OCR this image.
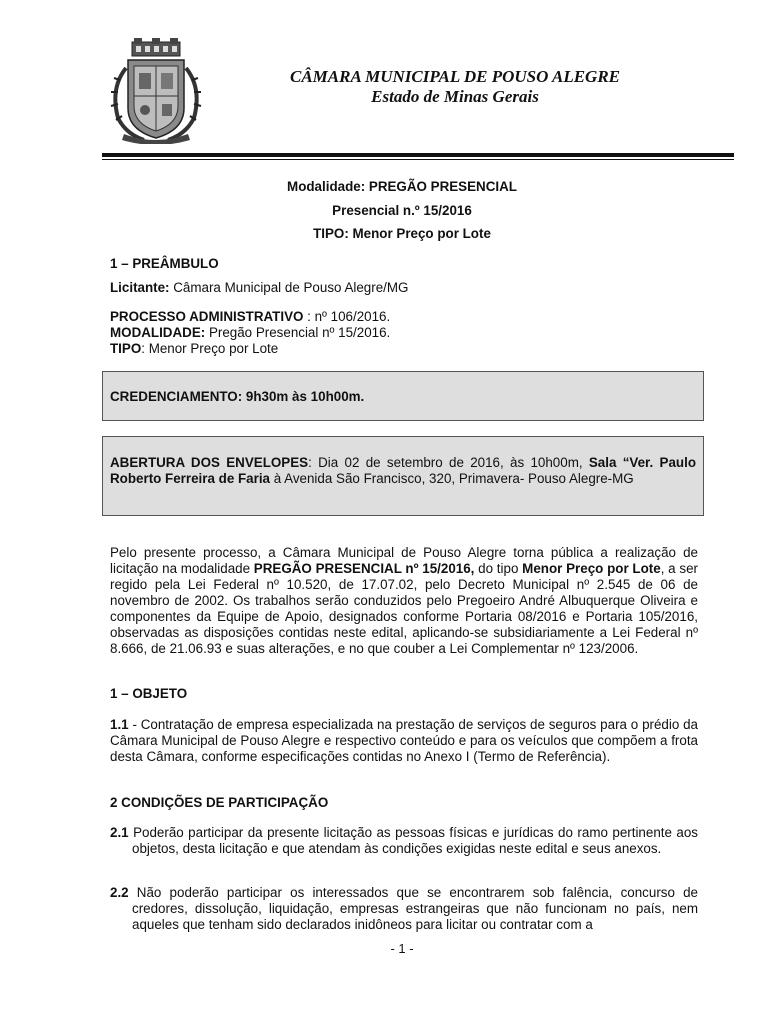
CÂMARA MUNICIPAL DE POUSO ALEGRE
Estado de Minas Gerais
Modalidade: PREGÃO PRESENCIAL
Presencial n.º 15/2016
TIPO: Menor Preço por Lote
1 – PREÂMBULO
Licitante: Câmara Municipal de Pouso Alegre/MG
PROCESSO ADMINISTRATIVO : nº 106/2016.
MODALIDADE: Pregão Presencial nº 15/2016.
TIPO: Menor Preço por Lote
CREDENCIAMENTO: 9h30m às 10h00m.
ABERTURA DOS ENVELOPES: Dia 02 de setembro de 2016, às 10h00m, Sala “Ver. Paulo Roberto Ferreira de Faria à Avenida São Francisco, 320, Primavera- Pouso Alegre-MG

Pelo presente processo, a Câmara Municipal de Pouso Alegre torna pública a realização de licitação na modalidade PREGÃO PRESENCIAL nº 15/2016, do tipo Menor Preço por Lote, a ser regido pela Lei Federal nº 10.520, de 17.07.02, pelo Decreto Municipal nº 2.545 de 06 de novembro de 2002. Os trabalhos serão conduzidos pelo Pregoeiro André Albuquerque Oliveira e componentes da Equipe de Apoio, designados conforme Portaria 08/2016 e Portaria 105/2016, observadas as disposições contidas neste edital, aplicando-se subsidiariamente a Lei Federal nº 8.666, de 21.06.93 e suas alterações, e no que couber a Lei Complementar nº 123/2006.

1 – OBJETO

1.1 - Contratação de empresa especializada na prestação de serviços de seguros para o prédio da Câmara Municipal de Pouso Alegre e respectivo conteúdo e para os veículos que compõem a frota desta Câmara, conforme especificações contidas no Anexo I (Termo de Referência).

2 CONDIÇÕES DE PARTICIPAÇÃO

2.1 Poderão participar da presente licitação as pessoas físicas e jurídicas do ramo pertinente aos objetos, desta licitação e que atendam às condições exigidas neste edital e seus anexos.

2.2 Não poderão participar os interessados que se encontrarem sob falência, concurso de credores, dissolução, liquidação, empresas estrangeiras que não funcionam no país, nem aqueles que tenham sido declarados inidôneos para licitar ou contratar com a

- 1 -
